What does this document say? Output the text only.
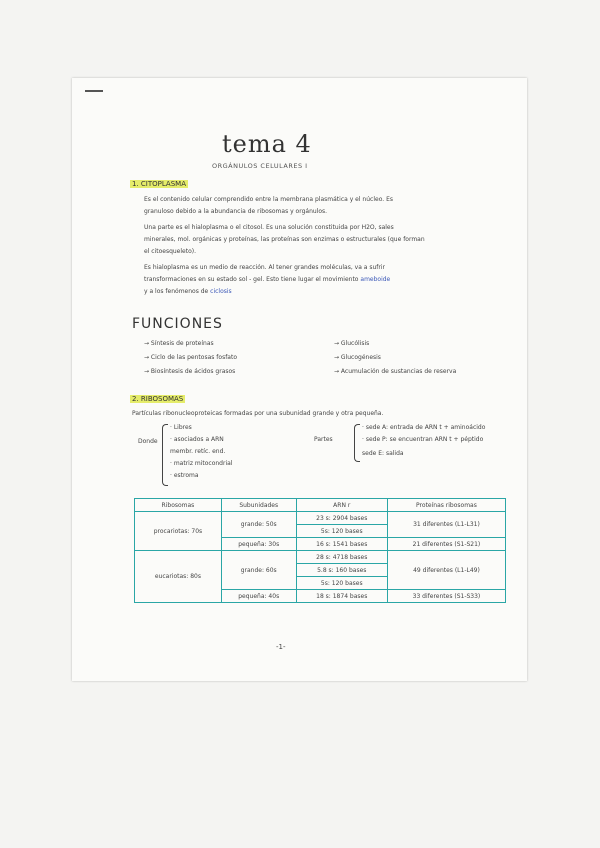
tema 4
ORGÁNULOS CELULARES I
1. CITOPLASMA
Es el contenido celular comprendido entre la membrana plasmática y el núcleo. Es
granuloso debido a la abundancia de ribosomas y orgánulos.
Una parte es el hialoplasma o el citosol. Es una solución constituida por H2O, sales
minerales, mol. orgánicas y proteínas, las proteínas son enzimas o estructurales (que forman
el citoesqueleto).
Es hialoplasma es un medio de reacción. Al tener grandes moléculas, va a sufrir
transformaciones en su estado sol - gel. Esto tiene lugar el movimiento ameboide
y a los fenómenos de ciclosis
FUNCIONES
→ Síntesis de proteínas
→ Ciclo de las pentosas fosfato
→ Biosíntesis de ácidos grasos
→ Glucólisis
→ Glucogénesis
→ Acumulación de sustancias de reserva
2. RIBOSOMAS
Partículas ribonucleoproteicas formadas por una subunidad grande y otra pequeña.
Donde
· Libres
· asociados a ARN
membr. retíc. end.
· matriz mitocondrial
· estroma
Partes
· sede A: entrada de ARN t + aminoácido
· sede P: se encuentran ARN t + péptido
sede E: salida
Ribosomas	Subunidades	ARN r	Proteínas ribosomas
procariotas: 70s	grande: 50s	23 s: 2904 bases	31 diferentes (L1-L31)
		5s: 120 bases	
	pequeña: 30s	16 s: 1541 bases	21 diferentes (S1-S21)
eucariotas: 80s	grande: 60s	28 s: 4718 bases	49 diferentes (L1-L49)
		5.8 s: 160 bases	
		5s: 120 bases	
	pequeña: 40s	18 s: 1874 bases	33 diferentes (S1-S33)
-1-
